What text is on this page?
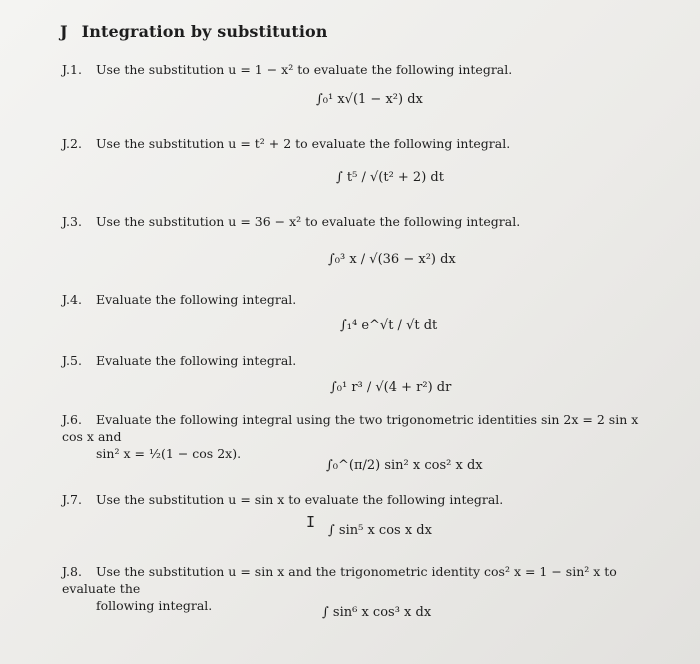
J Integration by substitution
J.1. Use the substitution u = 1 − x² to evaluate the following integral.
∫₀¹ x√(1 − x²) dx
J.2. Use the substitution u = t² + 2 to evaluate the following integral.
∫ t⁵ / √(t² + 2) dt
J.3. Use the substitution u = 36 − x² to evaluate the following integral.
∫₀³ x / √(36 − x²) dx
J.4. Evaluate the following integral.
∫₁⁴ e^√t / √t dt
J.5. Evaluate the following integral.
∫₀¹ r³ / √(4 + r²) dr
J.6. Evaluate the following integral using the two trigonometric identities sin 2x = 2 sin x cos x and
sin² x = ½(1 − cos 2x).
∫₀^(π/2) sin² x cos² x dx
J.7. Use the substitution u = sin x to evaluate the following integral.
I ∫ sin⁵ x cos x dx
J.8. Use the substitution u = sin x and the trigonometric identity cos² x = 1 − sin² x to evaluate the
following integral.	∫ sin⁶ x cos³ x dx
